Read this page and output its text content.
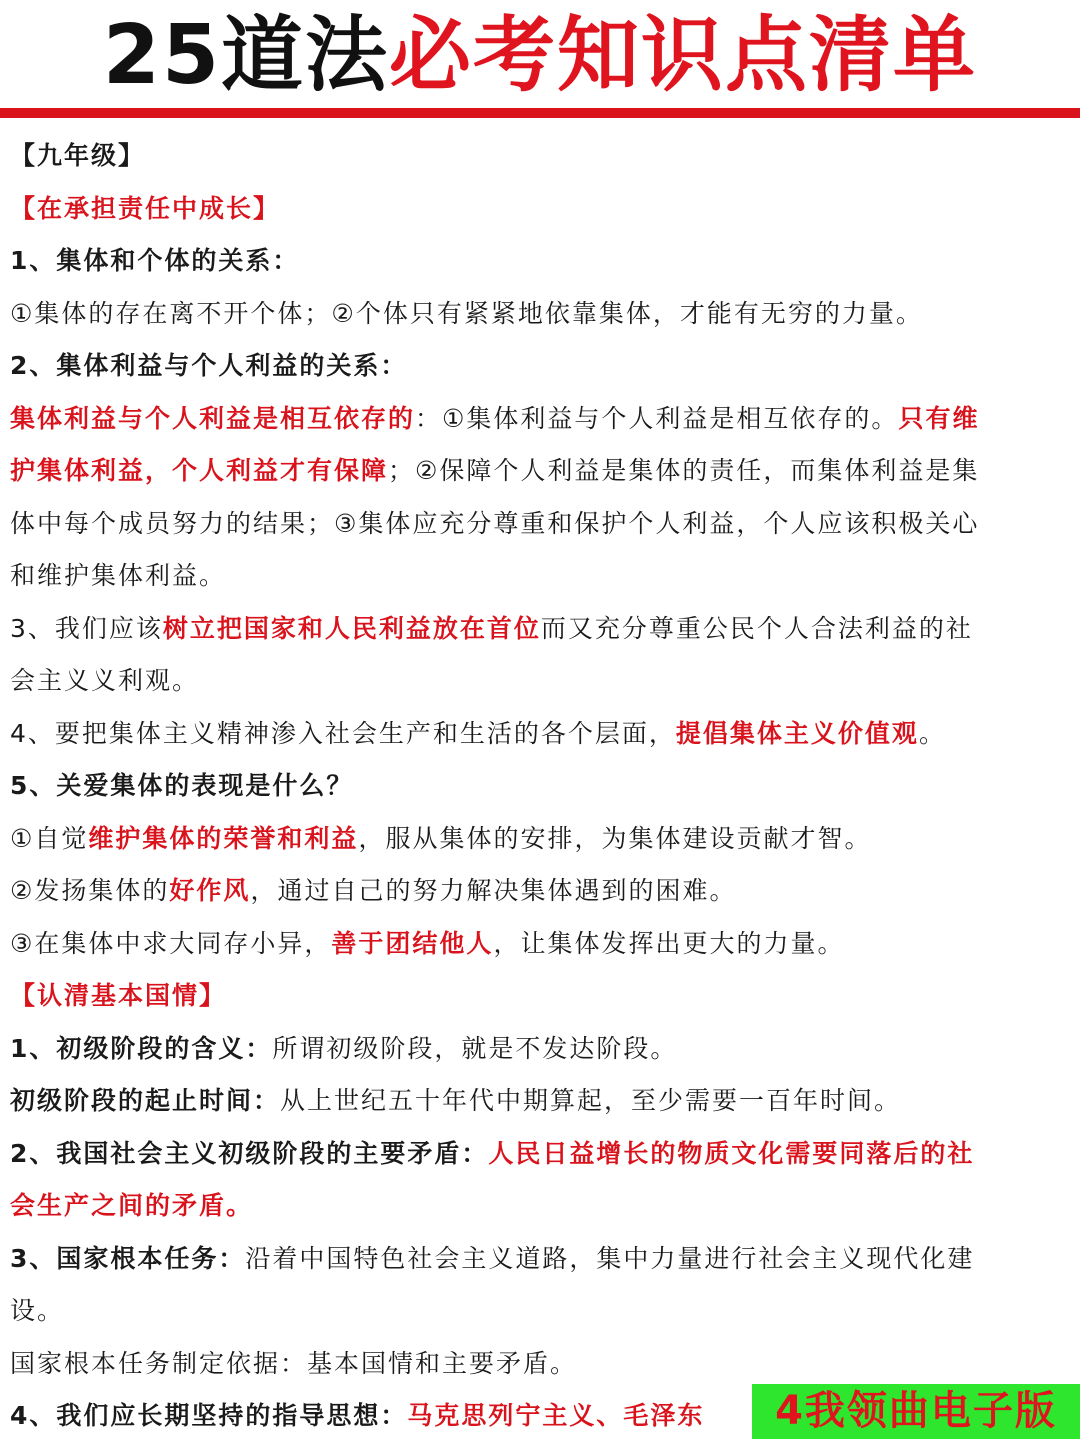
25道法必考知识点清单
【九年级】
【在承担责任中成长】
1、集体和个体的关系：
①集体的存在离不开个体；②个体只有紧紧地依靠集体，才能有无穷的力量。
2、集体利益与个人利益的关系：
集体利益与个人利益是相互依存的：①集体利益与个人利益是相互依存的。只有维
护集体利益，个人利益才有保障；②保障个人利益是集体的责任，而集体利益是集
体中每个成员努力的结果；③集体应充分尊重和保护个人利益，个人应该积极关心
和维护集体利益。
3、我们应该树立把国家和人民利益放在首位而又充分尊重公民个人合法利益的社
会主义义利观。
4、要把集体主义精神渗入社会生产和生活的各个层面，提倡集体主义价值观。
5、关爱集体的表现是什么？
①自觉维护集体的荣誉和利益，服从集体的安排，为集体建设贡献才智。
②发扬集体的好作风，通过自己的努力解决集体遇到的困难。
③在集体中求大同存小异，善于团结他人，让集体发挥出更大的力量。
【认清基本国情】
1、初级阶段的含义：所谓初级阶段，就是不发达阶段。
初级阶段的起止时间：从上世纪五十年代中期算起，至少需要一百年时间。
2、我国社会主义初级阶段的主要矛盾：人民日益增长的物质文化需要同落后的社
会生产之间的矛盾。
3、国家根本任务：沿着中国特色社会主义道路，集中力量进行社会主义现代化建
设。
国家根本任务制定依据：基本国情和主要矛盾。
4、我们应长期坚持的指导思想：马克思列宁主义、毛泽东	4我领曲电子版
